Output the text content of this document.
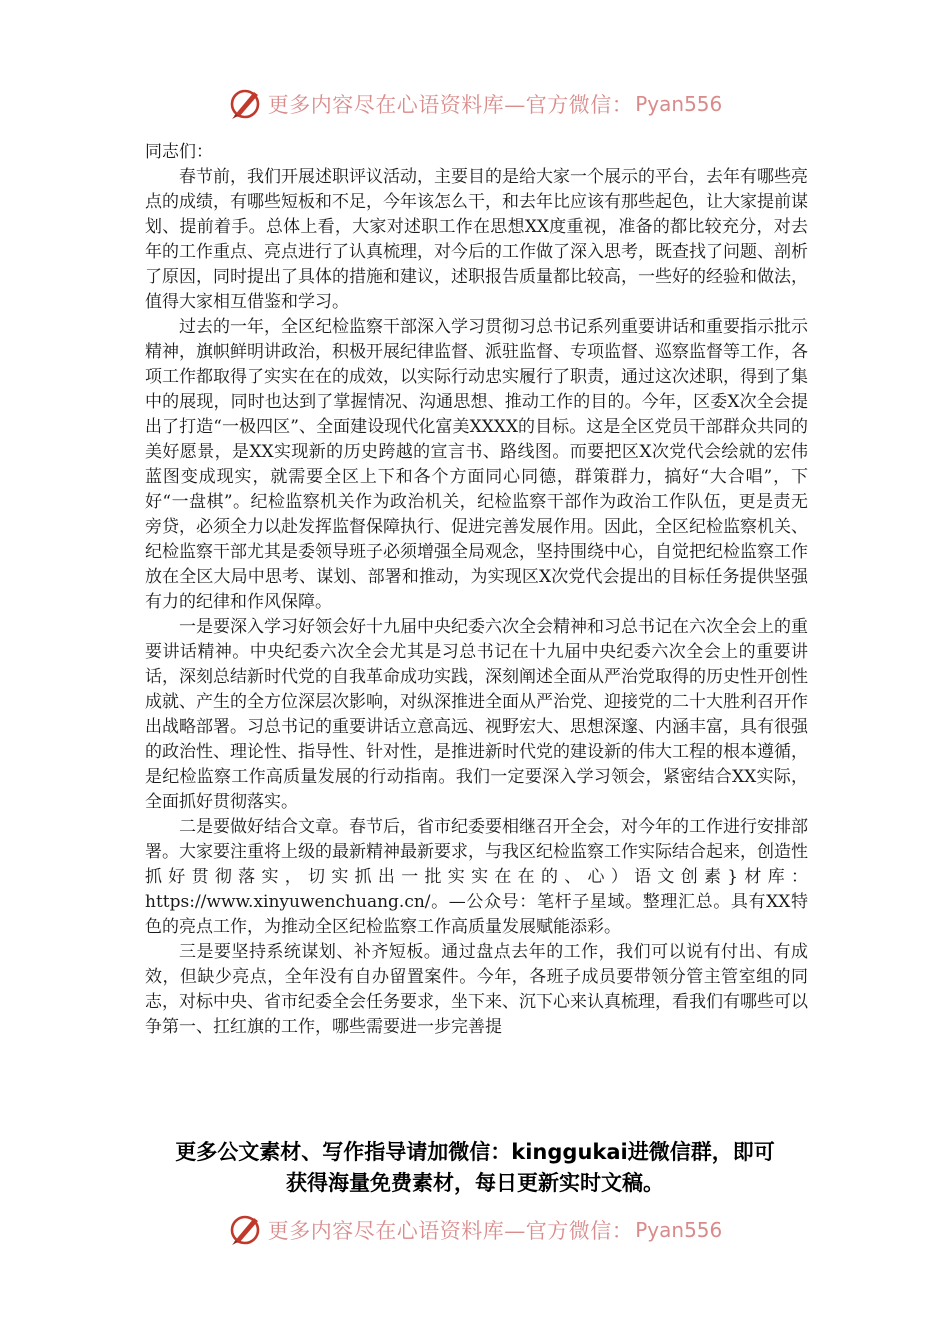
更多内容尽在心语资料库—官方微信： Pyan556

同志们：

春节前，我们开展述职评议活动，主要目的是给大家一个展示的平台，去年有哪些亮点的成绩，有哪些短板和不足，今年该怎么干，和去年比应该有那些起色，让大家提前谋划、提前着手。总体上看，大家对述职工作在思想XX度重视，准备的都比较充分，对去年的工作重点、亮点进行了认真梳理，对今后的工作做了深入思考，既查找了问题、剖析了原因，同时提出了具体的措施和建议，述职报告质量都比较高，一些好的经验和做法，值得大家相互借鉴和学习。

过去的一年，全区纪检监察干部深入学习贯彻习总书记系列重要讲话和重要指示批示精神，旗帜鲜明讲政治，积极开展纪律监督、派驻监督、专项监督、巡察监督等工作，各项工作都取得了实实在在的成效，以实际行动忠实履行了职责，通过这次述职，得到了集中的展现，同时也达到了掌握情况、沟通思想、推动工作的目的。今年，区委X次全会提出了打造“一极四区”、全面建设现代化富美XXXX的目标。这是全区党员干部群众共同的美好愿景，是XX实现新的历史跨越的宣言书、路线图。而要把区X次党代会绘就的宏伟蓝图变成现实，就需要全区上下和各个方面同心同德，群策群力，搞好“大合唱”，下好“一盘棋”。纪检监察机关作为政治机关，纪检监察干部作为政治工作队伍，更是责无旁贷，必须全力以赴发挥监督保障执行、促进完善发展作用。因此，全区纪检监察机关、纪检监察干部尤其是委领导班子必须增强全局观念，坚持围绕中心，自觉把纪检监察工作放在全区大局中思考、谋划、部署和推动，为实现区X次党代会提出的目标任务提供坚强有力的纪律和作风保障。

一是要深入学习好领会好十九届中央纪委六次全会精神和习总书记在六次全会上的重要讲话精神。中央纪委六次全会尤其是习总书记在十九届中央纪委六次全会上的重要讲话，深刻总结新时代党的自我革命成功实践，深刻阐述全面从严治党取得的历史性开创性成就、产生的全方位深层次影响，对纵深推进全面从严治党、迎接党的二十大胜利召开作出战略部署。习总书记的重要讲话立意高远、视野宏大、思想深邃、内涵丰富，具有很强的政治性、理论性、指导性、针对性，是推进新时代党的建设新的伟大工程的根本遵循，是纪检监察工作高质量发展的行动指南。我们一定要深入学习领会，紧密结合XX实际，全面抓好贯彻落实。

二是要做好结合文章。春节后，省市纪委要相继召开全会，对今年的工作进行安排部署。大家要注重将上级的最新精神最新要求，与我区纪检监察工作实际结合起来，创造性抓好贯彻落实，切实抓出一批实实在在的、心）语文创素}材库：https://www.xinyuwenchuang.cn/。—公众号：笔杆子星域。整理汇总。具有XX特色的亮点工作，为推动全区纪检监察工作高质量发展赋能添彩。

三是要坚持系统谋划、补齐短板。通过盘点去年的工作，我们可以说有付出、有成效，但缺少亮点，全年没有自办留置案件。今年，各班子成员要带领分管主管室组的同志，对标中央、省市纪委全会任务要求，坐下来、沉下心来认真梳理，看我们有哪些可以争第一、扛红旗的工作，哪些需要进一步完善提

更多公文素材、写作指导请加微信：kinggukai进微信群，即可
获得海量免费素材，每日更新实时文稿。
更多内容尽在心语资料库—官方微信： Pyan556
